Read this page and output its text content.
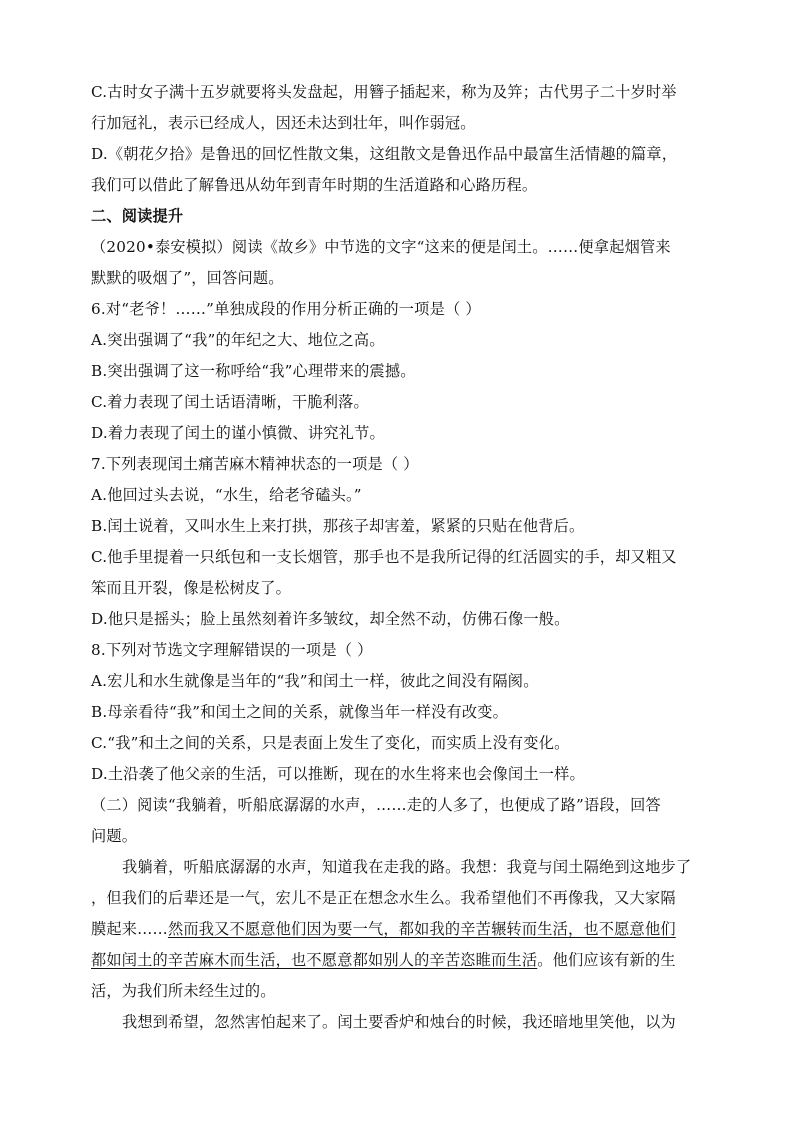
C.古时女子满十五岁就要将头发盘起，用簪子插起来，称为及笄；古代男子二十岁时举
行加冠礼，表示已经成人，因还未达到壮年，叫作弱冠。
D.《朝花夕拾》是鲁迅的回忆性散文集，这组散文是鲁迅作品中最富生活情趣的篇章，
我们可以借此了解鲁迅从幼年到青年时期的生活道路和心路历程。
二、阅读提升
（2020•泰安模拟）阅读《故乡》中节选的文字“这来的便是闰土。……便拿起烟管来
默默的吸烟了”，回答问题。
6.对“老爷！……”单独成段的作用分析正确的一项是（ ）
A.突出强调了“我”的年纪之大、地位之高。
B.突出强调了这一称呼给“我”心理带来的震撼。
C.着力表现了闰土话语清晰，干脆利落。
D.着力表现了闰土的谨小慎微、讲究礼节。
7.下列表现闰土痛苦麻木精神状态的一项是（ ）
A.他回过头去说，“水生，给老爷磕头。”
B.闰土说着，又叫水生上来打拱，那孩子却害羞，紧紧的只贴在他背后。
C.他手里提着一只纸包和一支长烟管，那手也不是我所记得的红活圆实的手，却又粗又
笨而且开裂，像是松树皮了。
D.他只是摇头；脸上虽然刻着许多皱纹，却全然不动，仿佛石像一般。
8.下列对节选文字理解错误的一项是（ ）
A.宏儿和水生就像是当年的“我”和闰土一样，彼此之间没有隔阂。
B.母亲看待“我”和闰土之间的关系，就像当年一样没有改变。
C.“我”和土之间的关系，只是表面上发生了变化，而实质上没有变化。
D.土沿袭了他父亲的生活，可以推断，现在的水生将来也会像闰土一样。
（二）阅读“我躺着，听船底潺潺的水声，……走的人多了，也便成了路”语段，回答
问题。
我躺着，听船底潺潺的水声，知道我在走我的路。我想：我竟与闰土隔绝到这地步了
，但我们的后辈还是一气，宏儿不是正在想念水生么。我希望他们不再像我，又大家隔
膜起来……然而我又不愿意他们因为要一气，都如我的辛苦辗转而生活，也不愿意他们
都如闰土的辛苦麻木而生活，也不愿意都如别人的辛苦恣睢而生活。他们应该有新的生
活，为我们所未经生过的。
我想到希望，忽然害怕起来了。闰土要香炉和烛台的时候，我还暗地里笑他，以为
